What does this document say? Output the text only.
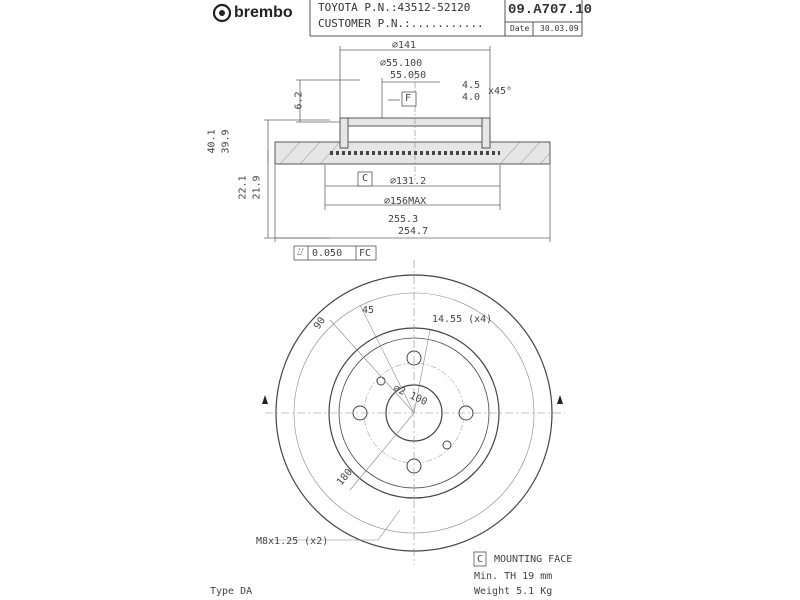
brembo TOYOTA P.N.:43512-52120
CUSTOMER P.N.:...........
09.A707.10
Date 30.03.09
⌀141
⌀55.100
55.050
4.5
4.0
x45°
F
6.2
40.1 39.9
22.1 21.9	C ⌀131.2
⌀156MAX
255.3
254.7
⌰ 0.050 FC
14.55 (x4)
90
45
⌀2 100
180
M8x1.25 (x2)
C MOUNTING FACE
Min. TH 19 mm
Weight 5.1 Kg
Type DA
